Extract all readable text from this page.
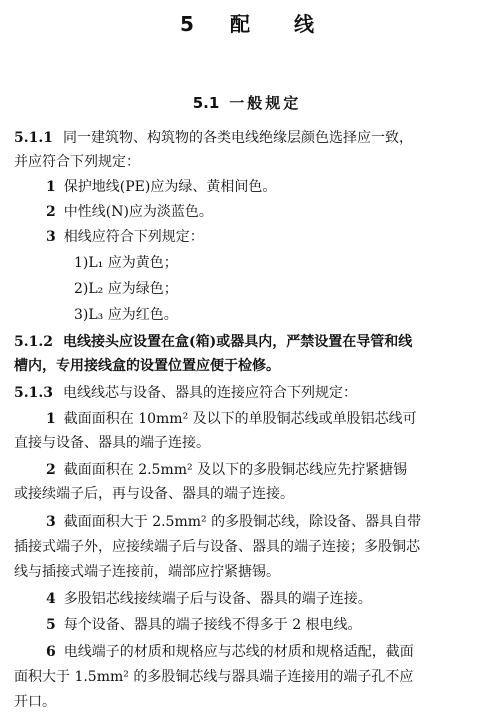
5 配 线
5.1 一般规定
5.1.1 同一建筑物、构筑物的各类电线绝缘层颜色选择应一致，
并应符合下列规定：
1 保护地线(PE)应为绿、黄相间色。
2 中性线(N)应为淡蓝色。
3 相线应符合下列规定：
1)L₁ 应为黄色；
2)L₂ 应为绿色；
3)L₃ 应为红色。
5.1.2 电线接头应设置在盒(箱)或器具内，严禁设置在导管和线
槽内，专用接线盒的设置位置应便于检修。
5.1.3 电线线芯与设备、器具的连接应符合下列规定：
1 截面面积在 10mm² 及以下的单股铜芯线或单股铝芯线可
直接与设备、器具的端子连接。
2 截面面积在 2.5mm² 及以下的多股铜芯线应先拧紧搪锡
或接续端子后，再与设备、器具的端子连接。
3 截面面积大于 2.5mm² 的多股铜芯线，除设备、器具自带
插接式端子外，应接续端子后与设备、器具的端子连接；多股铜芯
线与插接式端子连接前，端部应拧紧搪锡。
4 多股铝芯线接续端子后与设备、器具的端子连接。
5 每个设备、器具的端子接线不得多于 2 根电线。
6 电线端子的材质和规格应与芯线的材质和规格适配，截面
面积大于 1.5mm² 的多股铜芯线与器具端子连接用的端子孔不应
开口。
